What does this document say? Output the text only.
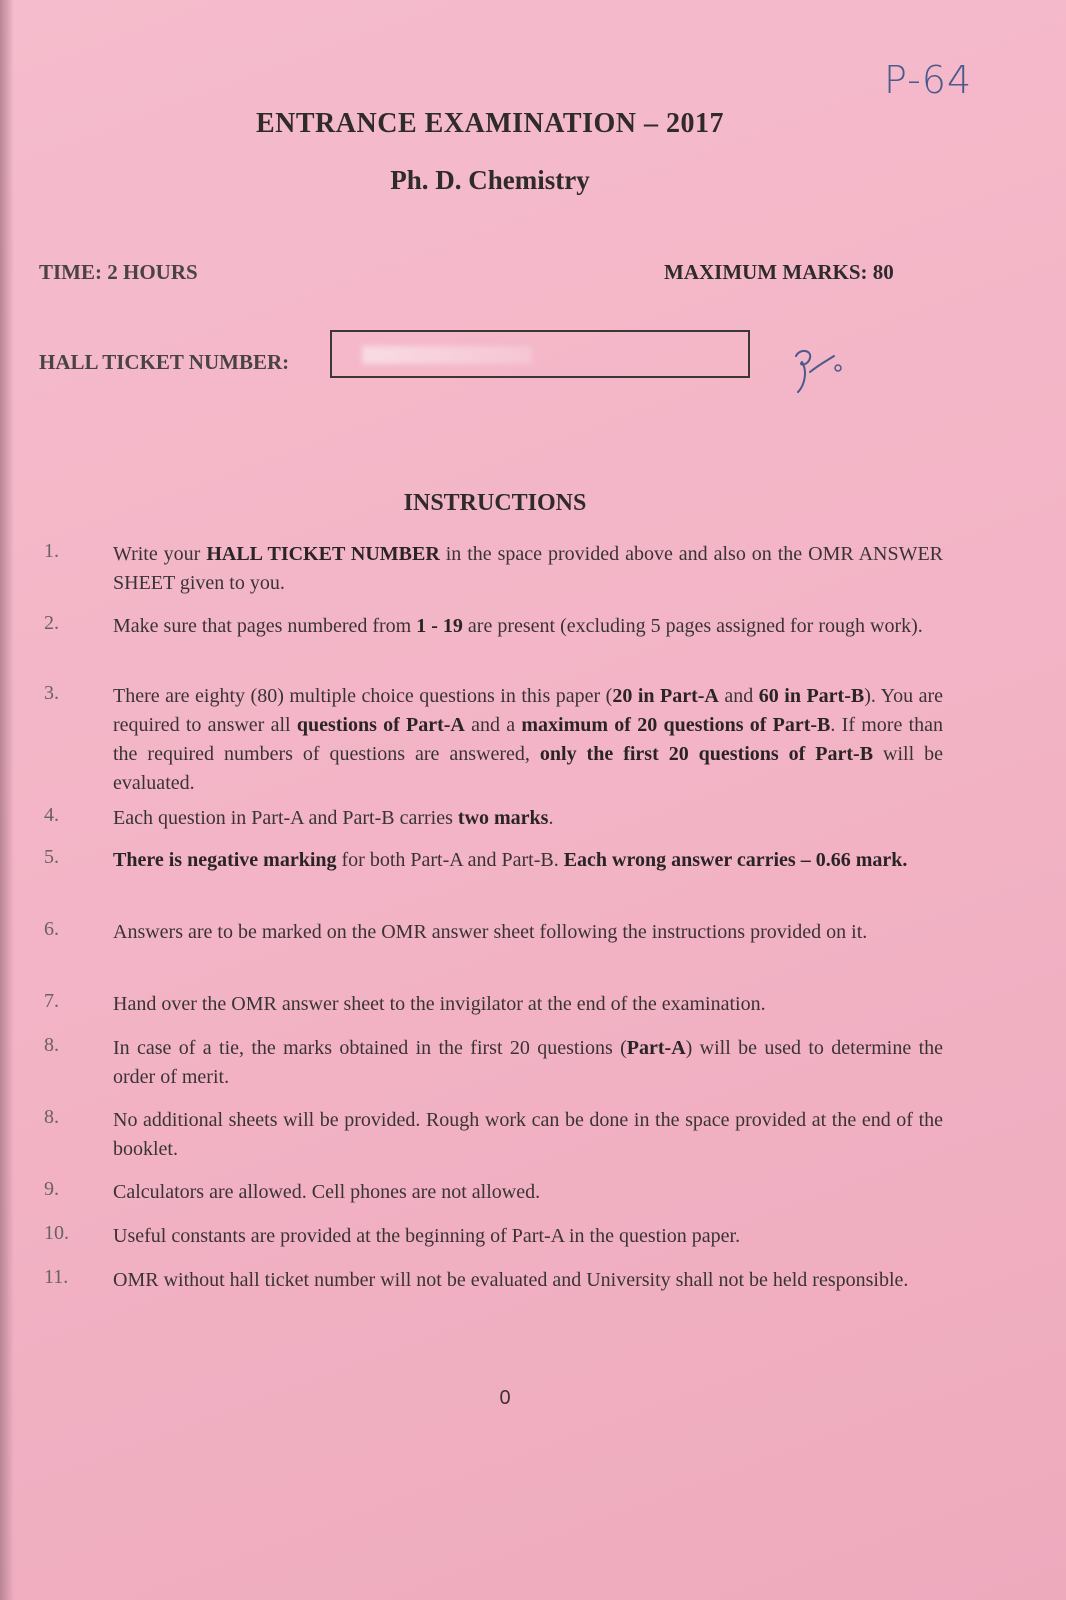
P-64
ENTRANCE EXAMINATION – 2017
Ph. D. Chemistry
TIME: 2 HOURS	MAXIMUM MARKS: 80
HALL TICKET NUMBER:
INSTRUCTIONS
1.	Write your HALL TICKET NUMBER in the space provided above and also on the OMR ANSWER SHEET given to you.
2.	Make sure that pages numbered from 1 - 19 are present (excluding 5 pages assigned for rough work).
3.	There are eighty (80) multiple choice questions in this paper (20 in Part-A and 60 in Part-B). You are required to answer all questions of Part-A and a maximum of 20 questions of Part-B. If more than the required numbers of questions are answered, only the first 20 questions of Part-B will be evaluated.
4.	Each question in Part-A and Part-B carries two marks.
5.	There is negative marking for both Part-A and Part-B. Each wrong answer carries – 0.66 mark.
6.	Answers are to be marked on the OMR answer sheet following the instructions provided on it.
7.	Hand over the OMR answer sheet to the invigilator at the end of the examination.
8.	In case of a tie, the marks obtained in the first 20 questions (Part-A) will be used to determine the order of merit.
8.	No additional sheets will be provided. Rough work can be done in the space provided at the end of the booklet.
9.	Calculators are allowed. Cell phones are not allowed.
10. Useful constants are provided at the beginning of Part-A in the question paper.
11. OMR without hall ticket number will not be evaluated and University shall not be held responsible.
0
